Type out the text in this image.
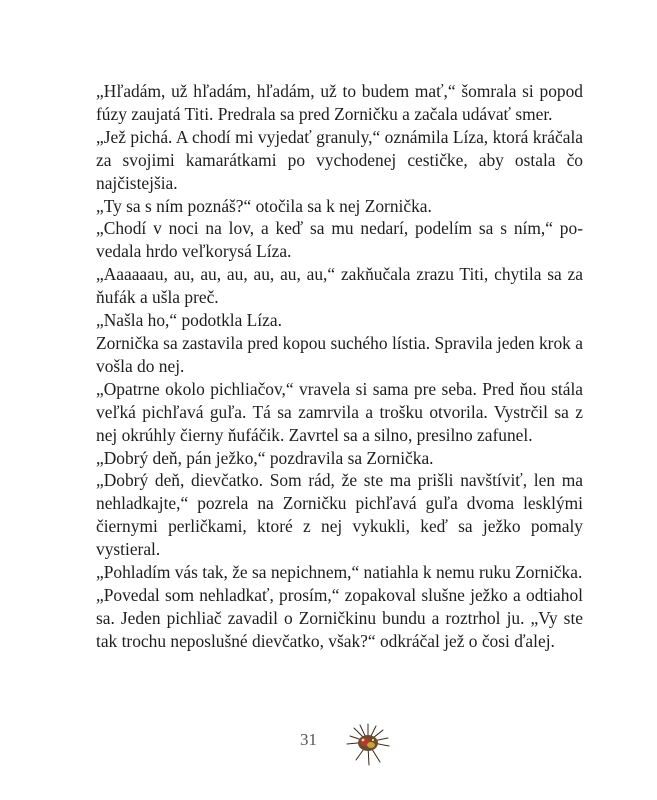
„Hľadám, už hľadám, hľadám, už to budem mať,“ šomrala si popod fúzy zaujatá Titi. Predrala sa pred Zorničku a začala udávať smer.

„Jež pichá. A chodí mi vyjedať granuly,“ oznámila Líza, ktorá kráčala za svojimi kamarátkami po vychodenej cestičke, aby ostala čo najčistejšia.

„Ty sa s ním poznáš?“ otočila sa k nej Zornička.

„Chodí v noci na lov, a keď sa mu nedarí, podelím sa s ním,“ povedala hrdo veľkorysá Líza.

„Aaaaaau, au, au, au, au, au, au,“ zakňučala zrazu Titi, chytila sa za ňufák a ušla preč.

„Našla ho,“ podotkla Líza.

Zornička sa zastavila pred kopou suchého lístia. Spravila jeden krok a vošla do nej.

„Opatrne okolo pichliačov,“ vravela si sama pre seba. Pred ňou stála veľká pichľavá guľa. Tá sa zamrvila a trošku otvorila. Vystrčil sa z nej okrúhly čierny ňufáčik. Zavrtel sa a silno, presilno zafunel.

„Dobrý deň, pán ježko,“ pozdravila sa Zornička.

„Dobrý deň, dievčatko. Som rád, že ste ma prišli navštíviť, len ma nehladkajte,“ pozrela na Zorničku pichľavá guľa dvoma lesklými čiernymi perličkami, ktoré z nej vykukli, keď sa ježko pomaly vystieral.

„Pohladím vás tak, že sa nepichnem,“ natiahla k nemu ruku Zornička.

„Povedal som nehladkať, prosím,“ zopakoval slušne ježko a odtiahol sa. Jeden pichliač zavadil o Zorničkinu bundu a roztrhol ju. „Vy ste tak trochu neposlušné dievčatko, však?“ odkráčal jež o čosi ďalej.

31
